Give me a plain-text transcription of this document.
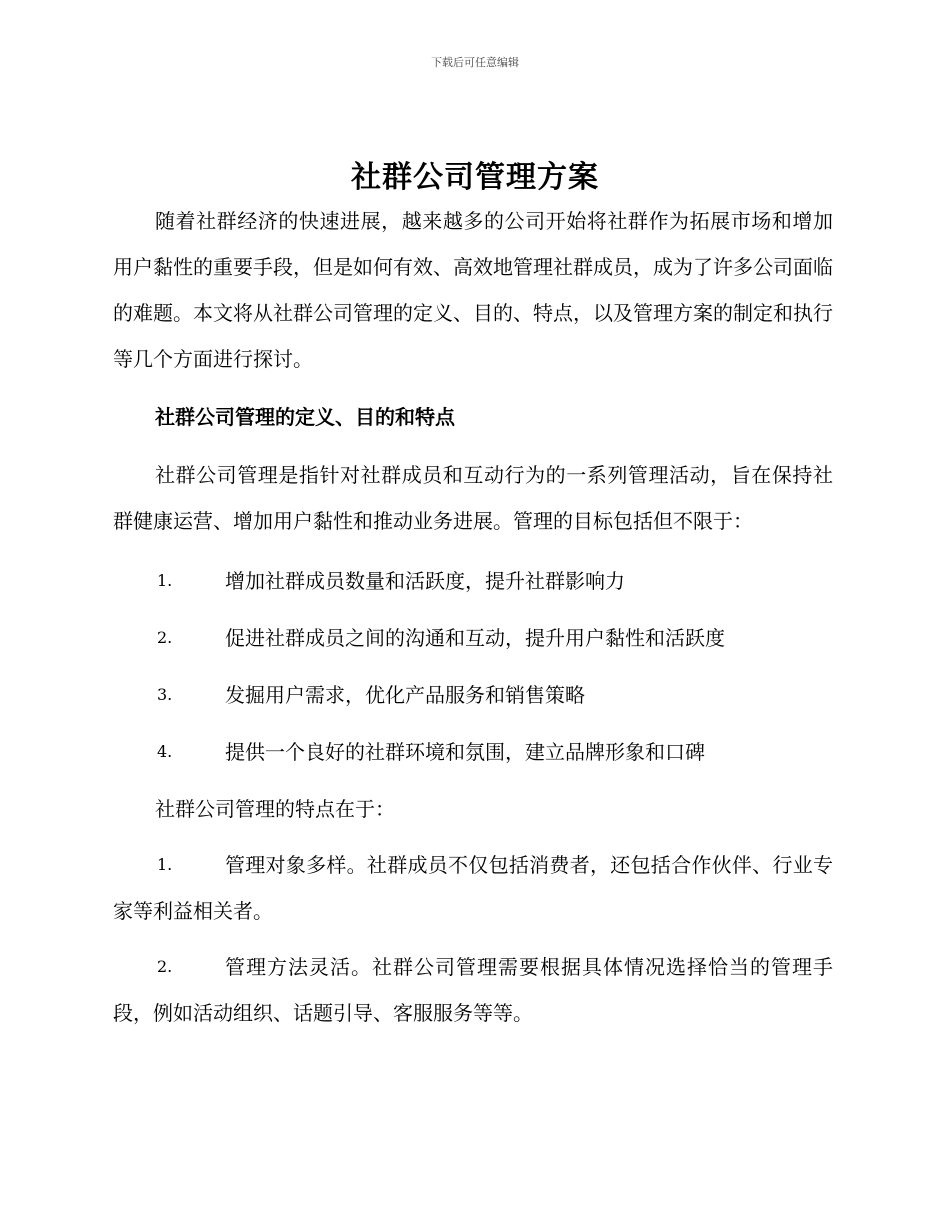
下载后可任意编辑
社群公司管理方案

随着社群经济的快速进展，越来越多的公司开始将社群作为拓展市场和增加用户黏性的重要手段，但是如何有效、高效地管理社群成员，成为了许多公司面临的难题。本文将从社群公司管理的定义、目的、特点，以及管理方案的制定和执行等几个方面进行探讨。

社群公司管理的定义、目的和特点

社群公司管理是指针对社群成员和互动行为的一系列管理活动，旨在保持社群健康运营、增加用户黏性和推动业务进展。管理的目标包括但不限于：

1.	增加社群成员数量和活跃度，提升社群影响力
2.	促进社群成员之间的沟通和互动，提升用户黏性和活跃度
3.	发掘用户需求，优化产品服务和销售策略
4.	提供一个良好的社群环境和氛围，建立品牌形象和口碑

社群公司管理的特点在于：

1.	管理对象多样。社群成员不仅包括消费者，还包括合作伙伴、行业专家等利益相关者。
2.	管理方法灵活。社群公司管理需要根据具体情况选择恰当的管理手段，例如活动组织、话题引导、客服服务等等。
